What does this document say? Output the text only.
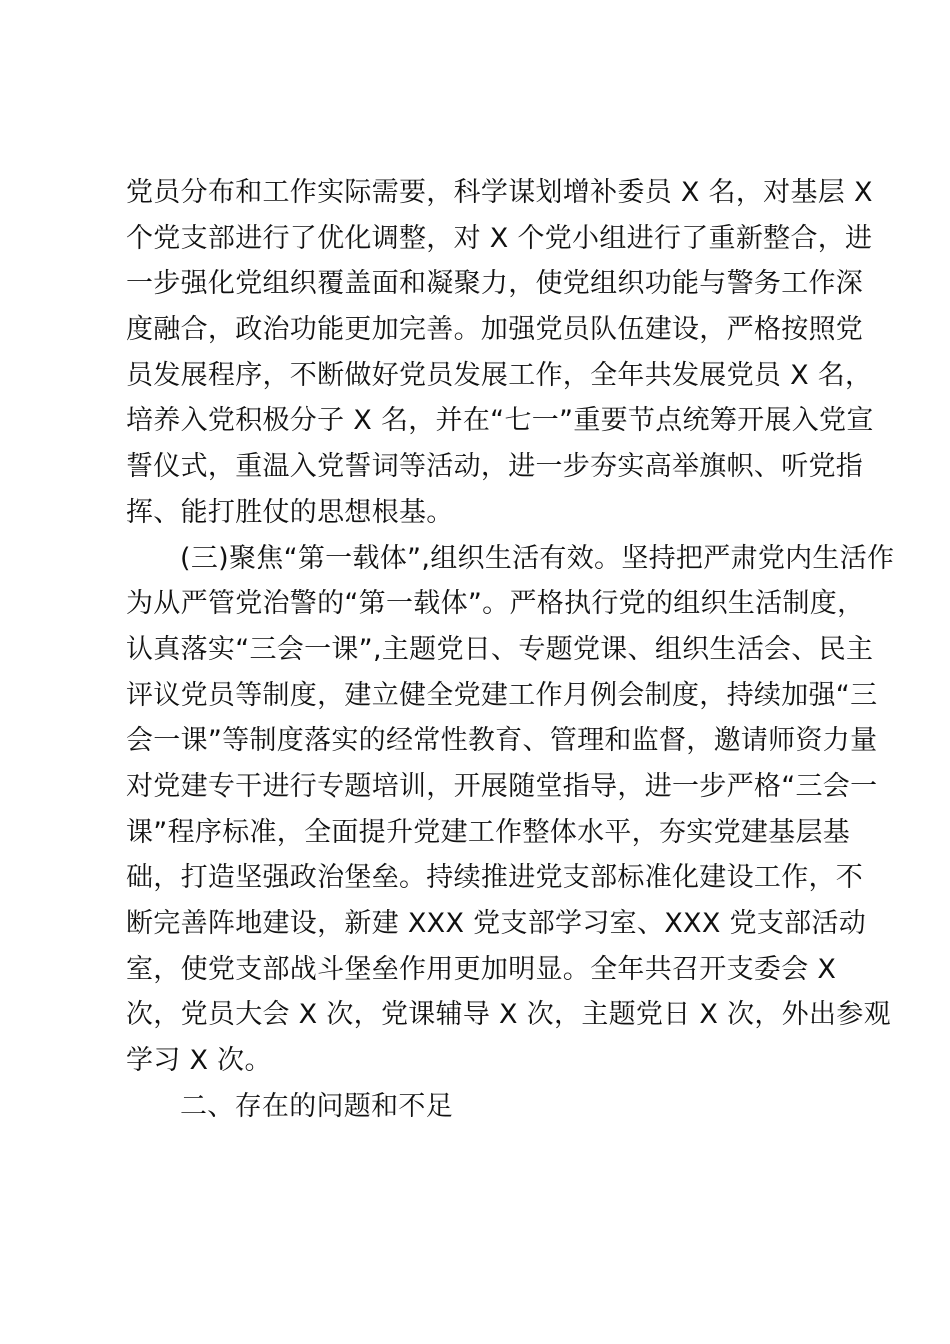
党员分布和工作实际需要，科学谋划增补委员 X 名，对基层 X
个党支部进行了优化调整，对 X 个党小组进行了重新整合，进
一步强化党组织覆盖面和凝聚力，使党组织功能与警务工作深
度融合，政治功能更加完善。加强党员队伍建设，严格按照党
员发展程序，不断做好党员发展工作，全年共发展党员 X 名，
培养入党积极分子 X 名，并在“七一”重要节点统筹开展入党宣
誓仪式，重温入党誓词等活动，进一步夯实高举旗帜、听党指
挥、能打胜仗的思想根基。
(三)聚焦“第一载体”,组织生活有效。坚持把严肃党内生活作
为从严管党治警的“第一载体”。严格执行党的组织生活制度，
认真落实“三会一课”,主题党日、专题党课、组织生活会、民主
评议党员等制度，建立健全党建工作月例会制度，持续加强“三
会一课”等制度落实的经常性教育、管理和监督，邀请师资力量
对党建专干进行专题培训，开展随堂指导，进一步严格“三会一
课”程序标准，全面提升党建工作整体水平，夯实党建基层基
础，打造坚强政治堡垒。持续推进党支部标准化建设工作，不
断完善阵地建设，新建 XXX 党支部学习室、XXX 党支部活动
室，使党支部战斗堡垒作用更加明显。全年共召开支委会 X
次，党员大会 X 次，党课辅导 X 次，主题党日 X 次，外出参观
学习 X 次。
二、存在的问题和不足
